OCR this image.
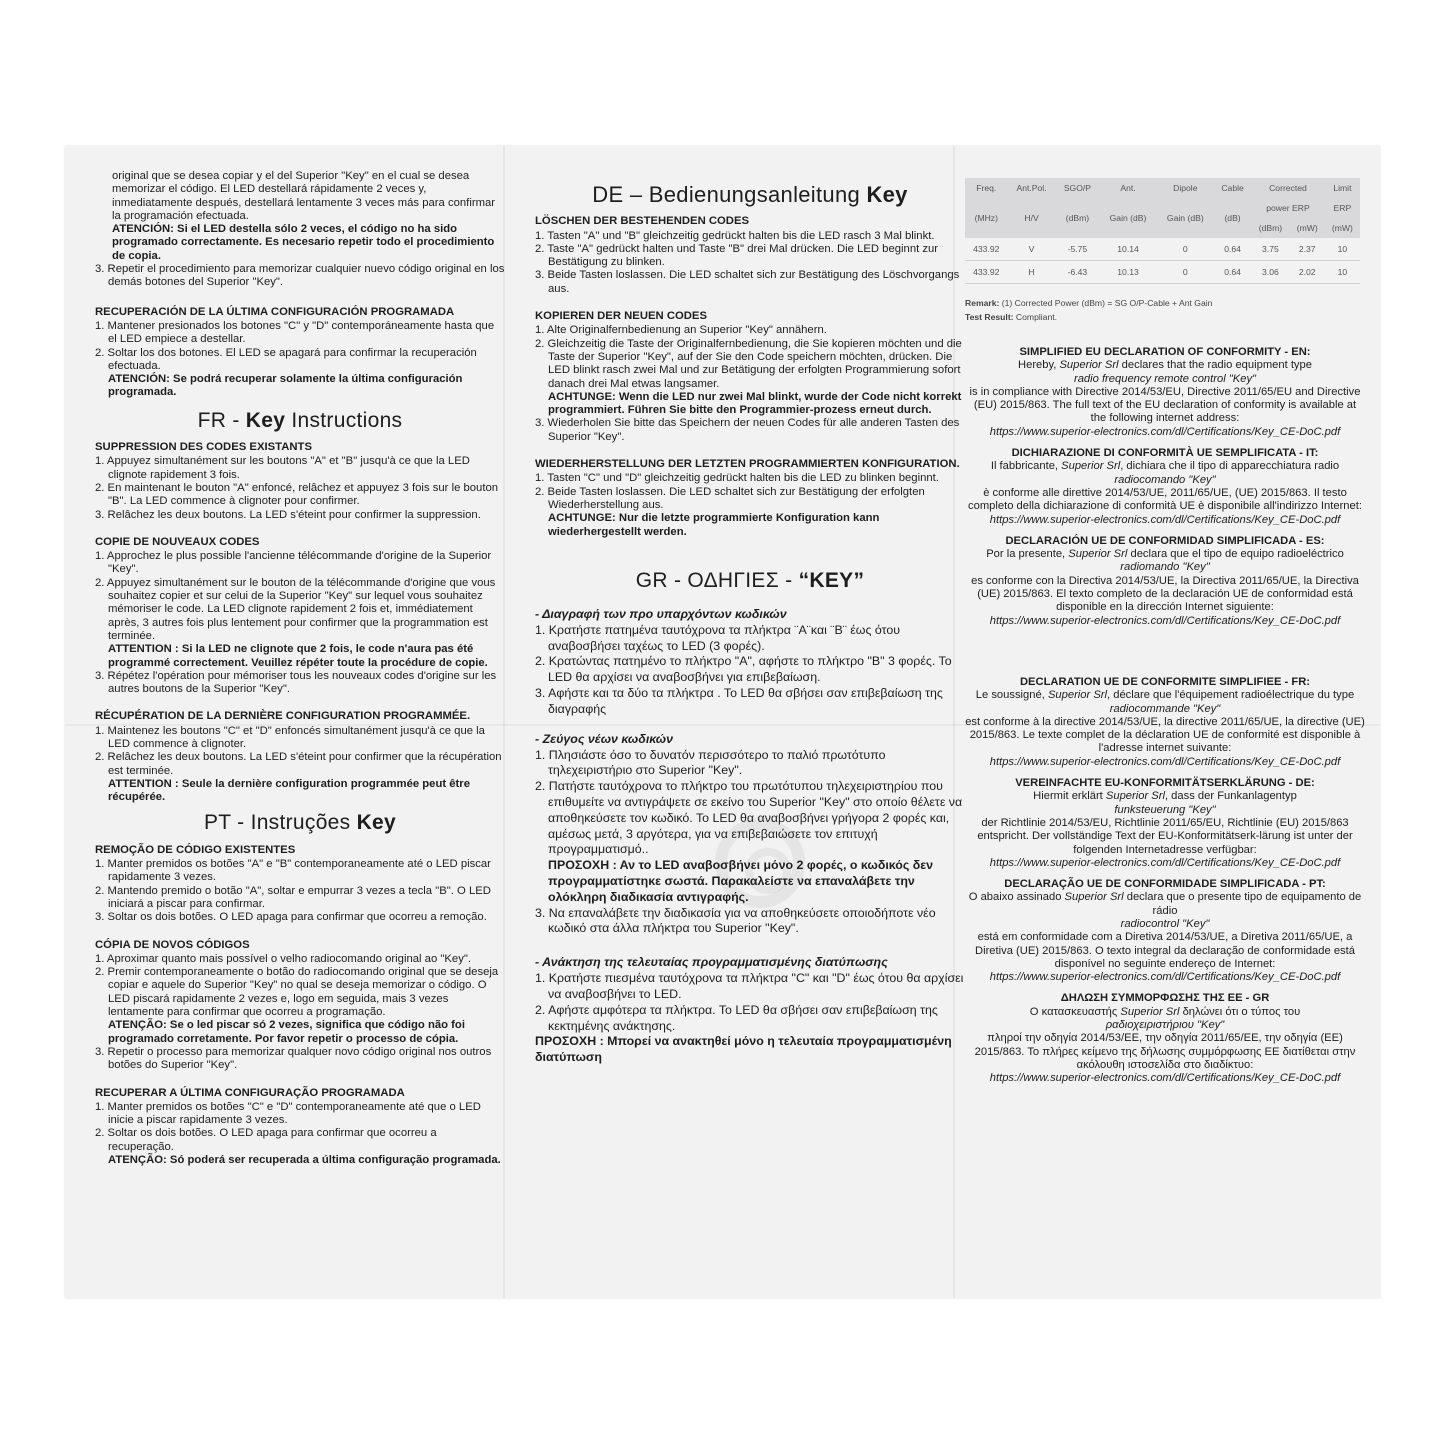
original que se desea copiar y el del Superior "Key" en el cual se desea memorizar el código. El LED destellará rápidamente 2 veces y, inmediatamente después, destellará lentamente 3 veces más para confirmar la programación efectuada.

ATENCIÓN: Si el LED destella sólo 2 veces, el código no ha sido programado correctamente. Es necesario repetir todo el procedimiento de copia.

3. Repetir el procedimiento para memorizar cualquier nuevo código original en los demás botones del Superior "Key".

RECUPERACIÓN DE LA ÚLTIMA CONFIGURACIÓN PROGRAMADA

1. Mantener presionados los botones "C" y "D" contemporáneamente hasta que el LED empiece a destellar.

2. Soltar los dos botones. El LED se apagará para confirmar la recuperación efectuada.

ATENCIÓN: Se podrá recuperar solamente la última configuración programada.

FR - Key Instructions
SUPPRESSION DES CODES EXISTANTS

1. Appuyez simultanément sur les boutons "A" et "B" jusqu'à ce que la LED clignote rapidement 3 fois.

2. En maintenant le bouton "A" enfoncé, relâchez et appuyez 3 fois sur le bouton "B". La LED commence à clignoter pour confirmer.

3. Relâchez les deux boutons. La LED s'éteint pour confirmer la suppression.

COPIE DE NOUVEAUX CODES

1. Approchez le plus possible l'ancienne télécommande d'origine de la Superior "Key".

2. Appuyez simultanément sur le bouton de la télécommande d'origine que vous souhaitez copier et sur celui de la Superior "Key" sur lequel vous souhaitez mémoriser le code. La LED clignote rapidement 2 fois et, immédiatement après, 3 autres fois plus lentement pour confirmer que la programmation est terminée.

ATTENTION : Si la LED ne clignote que 2 fois, le code n'aura pas été programmé correctement. Veuillez répéter toute la procédure de copie.

3. Répétez l'opération pour mémoriser tous les nouveaux codes d'origine sur les autres boutons de la Superior "Key".

RÉCUPÉRATION DE LA DERNIÈRE CONFIGURATION PROGRAMMÉE.

1. Maintenez les boutons "C" et "D" enfoncés simultanément jusqu'à ce que la LED commence à clignoter.

2. Relâchez les deux boutons. La LED s'éteint pour confirmer que la récupération est terminée.

ATTENTION : Seule la dernière configuration programmée peut être récupérée.

PT - Instruções Key
REMOÇÃO DE CÓDIGO EXISTENTES

1. Manter premidos os botões "A" e "B" contemporaneamente até o LED piscar rapidamente 3 vezes.

2. Mantendo premido o botão "A", soltar e empurrar 3 vezes a tecla "B". O LED iniciará a piscar para confirmar.

3. Soltar os dois botões. O LED apaga para confirmar que ocorreu a remoção.

CÓPIA DE NOVOS CÓDIGOS

1. Aproximar quanto mais possível o velho radiocomando original ao "Key".

2. Premir contemporaneamente o botão do radiocomando original que se deseja copiar e aquele do Superior "Key" no qual se deseja memorizar o código. O LED piscará rapidamente 2 vezes e, logo em seguida, mais 3 vezes lentamente para confirmar que ocorreu a programação.

ATENÇÃO: Se o led piscar só 2 vezes, significa que código não foi programado corretamente. Por favor repetir o processo de cópia.

3. Repetir o processo para memorizar qualquer novo código original nos outros botões do Superior "Key".

RECUPERAR A ÚLTIMA CONFIGURAÇÃO PROGRAMADA

1. Manter premidos os botões "C" e "D" contemporaneamente até que o LED inicie a piscar rapidamente 3 vezes.

2. Soltar os dois botões. O LED apaga para confirmar que ocorreu a recuperação.

ATENÇÃO: Só poderá ser recuperada a última configuração programada.

DE – Bedienungsanleitung Key
LÖSCHEN DER BESTEHENDEN CODES

1. Tasten "A" und "B" gleichzeitig gedrückt halten bis die LED rasch 3 Mal blinkt.

2. Taste "A" gedrückt halten und Taste "B" drei Mal drücken. Die LED beginnt zur Bestätigung zu blinken.

3. Beide Tasten loslassen. Die LED schaltet sich zur Bestätigung des Löschvorgangs aus.

KOPIEREN DER NEUEN CODES

1. Alte Originalfernbedienung an Superior "Key" annähern.

2. Gleichzeitig die Taste der Originalfernbedienung, die Sie kopieren möchten und die Taste der Superior "Key", auf der Sie den Code speichern möchten, drücken. Die LED blinkt rasch zwei Mal und zur Betätigung der erfolgten Programmierung sofort danach drei Mal etwas langsamer.

ACHTUNGE: Wenn die LED nur zwei Mal blinkt, wurde der Code nicht korrekt programmiert. Führen Sie bitte den Programmier-prozess erneut durch.

3. Wiederholen Sie bitte das Speichern der neuen Codes für alle anderen Tasten des Superior "Key".

WIEDERHERSTELLUNG DER LETZTEN PROGRAMMIERTEN KONFIGURATION.

1. Tasten "C" und "D" gleichzeitig gedrückt halten bis die LED zu blinken beginnt.

2. Beide Tasten loslassen. Die LED schaltet sich zur Bestätigung der erfolgten Wiederherstellung aus.

ACHTUNGE: Nur die letzte programmierte Konfiguration kann wiederhergestellt werden.

GR - ΟΔΗΓΙΕΣ - “KEY”
- Διαγραφή των προ υπαρχόντων κωδικών

1. Κρατήστε πατημένα ταυτόχρονα τα πλήκτρα ¨A¨και ¨B¨ έως ότου αναβοσβήσει ταχέως το LED (3 φορές).

2. Κρατώντας πατημένο το πλήκτρο "A", αφήστε το πλήκτρο "B" 3 φορές. Το LED θα αρχίσει να αναβοσβήνει για επιβεβαίωση.

3. Αφήστε και τα δύο τα πλήκτρα . Το LED θα σβήσει σαν επιβεβαίωση της διαγραφής

- Ζεύγος νέων κωδικών

1. Πλησιάστε όσο το δυνατόν περισσότερο το παλιό πρωτότυπο τηλεχειριστήριο στο Superior "Key".

2. Πατήστε ταυτόχρονα το πλήκτρο του πρωτότυπου τηλεχειριστηρίου που επιθυμείτε να αντιγράψετε σε εκείνο του Superior "Key" στο οποίο θέλετε να αποθηκεύσετε τον κωδικό. Το LED θα αναβοσβήνει γρήγορα 2 φορές και, αμέσως μετά, 3 αργότερα, για να επιβεβαιώσετε τον επιτυχή προγραμματισμό..

ΠΡΟΣΟΧΗ : Αν το LED αναβοσβήνει μόνο 2 φορές, ο κωδικός δεν προγραμματίστηκε σωστά. Παρακαλείστε να επαναλάβετε την ολόκληρη διαδικασία αντιγραφής.

3. Να επαναλάβετε την διαδικασία για να αποθηκεύσετε οποιοδήποτε νέο κωδικό στα άλλα πλήκτρα του Superior "Key".

- Ανάκτηση της τελευταίας προγραμματισμένης διατύπωσης

1. Κρατήστε πιεσμένα ταυτόχρονα τα πλήκτρα "C" και "D" έως ότου θα αρχίσει να αναβοσβήνει το LED.

2. Αφήστε αμφότερα τα πλήκτρα. Το LED θα σβήσει σαν επιβεβαίωση της κεκτημένης ανάκτησης.

ΠΡΟΣΟΧΗ : Μπορεί να ανακτηθεί μόνο η τελευταία προγραμματισμένη διατύπωση

Freq.	Ant.Pol.	SGO/P	Ant.	Dipole	Cable	Corrected		Limit
(MHz)	H/V	(dBm)	Gain (dB)	Gain (dB)	(dB)	power ERP		ERP
						(dBm)	(mW)	(mW)
433.92	V	-5.75	10.14	0	0.64	3.75	2.37	10
433.92	H	-6.43	10.13	0	0.64	3.06	2.02	10
Remark: (1) Corrected Power (dBm) = SG O/P-Cable + Ant Gain
Test Result: Compliant.
SIMPLIFIED EU DECLARATION OF CONFORMITY - EN:
Hereby, Superior Srl declares that the radio equipment type
radio frequency remote control "Key"
is in compliance with Directive 2014/53/EU, Directive 2011/65/EU and Directive (EU) 2015/863. The full text of the EU declaration of conformity is available at the following internet address:
https://www.superior-electronics.com/dl/Certifications/Key_CE-DoC.pdf
DICHIARAZIONE DI CONFORMITÀ UE SEMPLIFICATA - IT:
Il fabbricante, Superior Srl, dichiara che il tipo di apparecchiatura radio
radiocomando "Key"
è conforme alle direttive 2014/53/UE, 2011/65/UE, (UE) 2015/863. Il testo completo della dichiarazione di conformità UE è disponibile all'indirizzo Internet:
https://www.superior-electronics.com/dl/Certifications/Key_CE-DoC.pdf
DECLARACIÓN UE DE CONFORMIDAD SIMPLIFICADA - ES:
Por la presente, Superior Srl declara que el tipo de equipo radioeléctrico
radiomando "Key"
es conforme con la Directiva 2014/53/UE, la Directiva 2011/65/UE, la Directiva (UE) 2015/863. El texto completo de la declaración UE de conformidad está disponible en la dirección Internet siguiente:
https://www.superior-electronics.com/dl/Certifications/Key_CE-DoC.pdf
DECLARATION UE DE CONFORMITE SIMPLIFIEE - FR:
Le soussigné, Superior Srl, déclare que l'équipement radioélectrique du type
radiocommande "Key"
est conforme à la directive 2014/53/UE, la directive 2011/65/UE, la directive (UE) 2015/863. Le texte complet de la déclaration UE de conformité est disponible à l'adresse internet suivante:
https://www.superior-electronics.com/dl/Certifications/Key_CE-DoC.pdf
VEREINFACHTE EU-KONFORMITÄTSERKLÄRUNG - DE:
Hiermit erklärt Superior Srl, dass der Funkanlagentyp
funksteuerung "Key"
der Richtlinie 2014/53/EU, Richtlinie 2011/65/EU, Richtlinie (EU) 2015/863 entspricht. Der vollständige Text der EU-Konformitätserk-lärung ist unter der folgenden Internetadresse verfügbar:
https://www.superior-electronics.com/dl/Certifications/Key_CE-DoC.pdf
DECLARAÇÃO UE DE CONFORMIDADE SIMPLIFICADA - PT:
O abaixo assinado Superior Srl declara que o presente tipo de equipamento de rádio
radiocontrol "Key"
está em conformidade com a Diretiva 2014/53/UE, a Diretiva 2011/65/UE, a Diretiva (UE) 2015/863. O texto integral da declaração de conformidade está disponível no seguinte endereço de Internet:
https://www.superior-electronics.com/dl/Certifications/Key_CE-DoC.pdf
ΔΗΛΩΣΗ ΣΥΜΜΟΡΦΩΣΗΣ ΤΗΣ ΕΕ - GR
Ο κατασκευαστής Superior Srl δηλώνει ότι ο τύπος του
ραδιοχειριστήριου "Key"
πληροί την οδηγία 2014/53/ΕΕ, την οδηγία 2011/65/ΕΕ, την οδηγία (ΕΕ) 2015/863. Το πλήρες κείμενο της δήλωσης συμμόρφωσης ΕΕ διατίθεται στην ακόλουθη ιστοσελίδα στο διαδίκτυο:
https://www.superior-electronics.com/dl/Certifications/Key_CE-DoC.pdf
